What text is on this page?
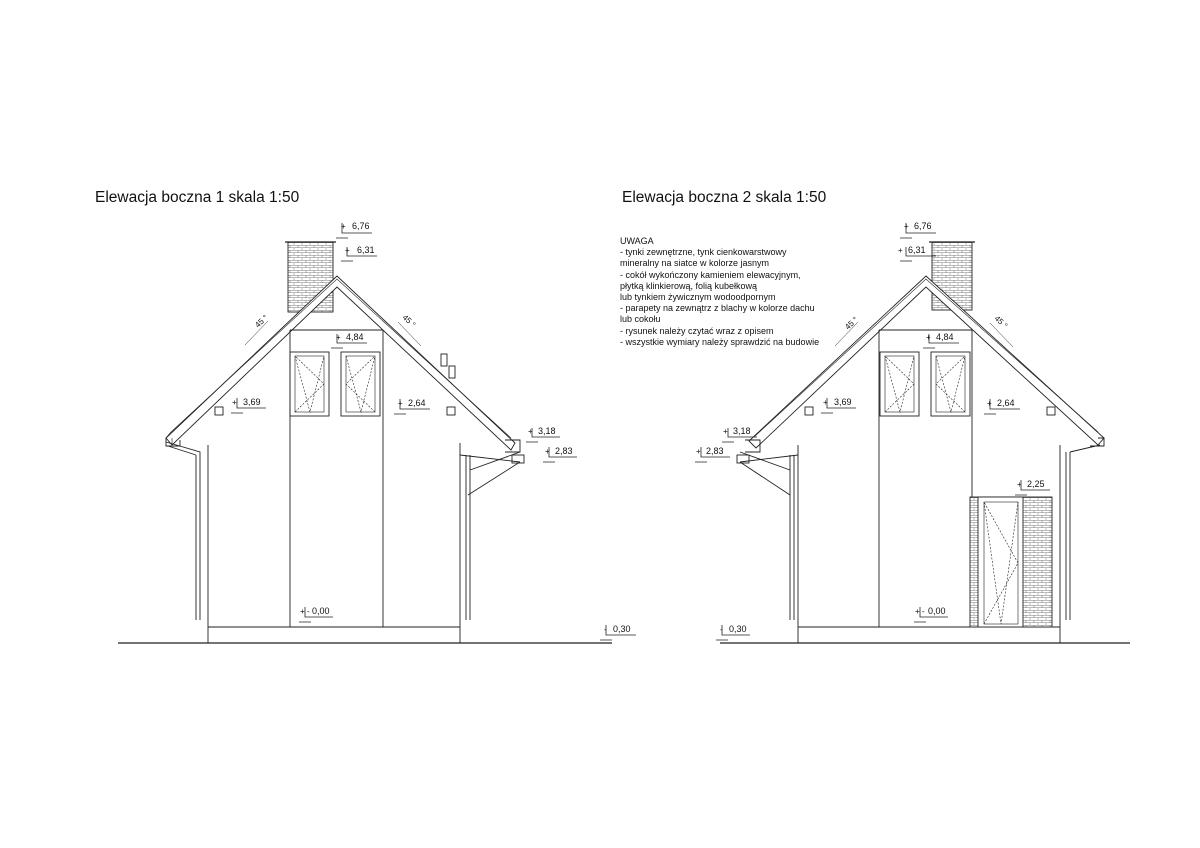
Elewacja boczna 1 skala 1:50	Elewacja boczna 2 skala 1:50
UWAGA
- tynki zewnętrzne, tynk cienkowarstwowy
mineralny na siatce w kolorze jasnym
- cokół wykończony kamieniem elewacyjnym,
płytką klinkierową, folią kubełkową
lub tynkiem żywicznym wodoodpornym
- parapety na zewnątrz z blachy w kolorze dachu
lub cokołu
- rysunek należy czytać wraz z opisem
- wszystkie wymiary należy sprawdzić na budowie
6,76
+
6,31
+
4,84
+
3,69
+	2,64
+
3,18
+
2,83
+
0,00
+ -
0,30
-
45 °	45 °
6,76
+
6,31
+
4,84
+
3,69
+	2,64
+
3,18
+
2,83
+
2,25
+
0,00
+ -
0,30
-
45 °	45 °
